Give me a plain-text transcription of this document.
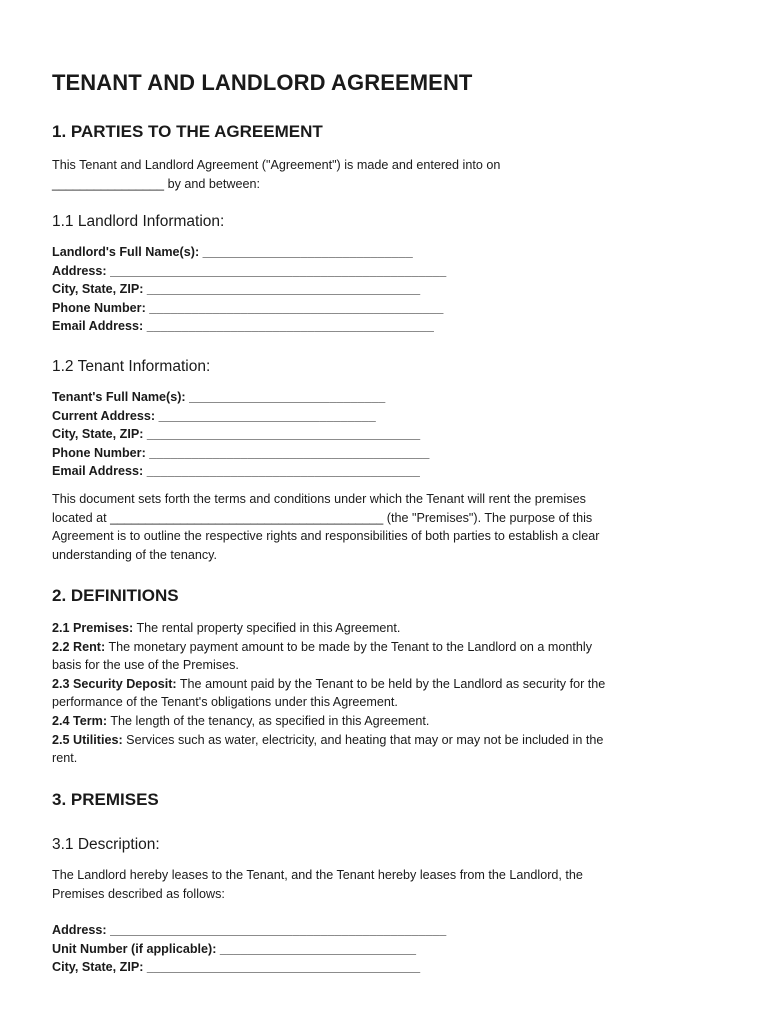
TENANT AND LANDLORD AGREEMENT
1. PARTIES TO THE AGREEMENT
This Tenant and Landlord Agreement ("Agreement") is made and entered into on
________________ by and between:
1.1 Landlord Information:
Landlord's Full Name(s): ______________________________
Address: ________________________________________________
City, State, ZIP: _______________________________________
Phone Number: __________________________________________
Email Address: _________________________________________
1.2 Tenant Information:
Tenant's Full Name(s): ____________________________
Current Address: _______________________________
City, State, ZIP: _______________________________________
Phone Number: ________________________________________
Email Address: _______________________________________
This document sets forth the terms and conditions under which the Tenant will rent the premises
located at _______________________________________ (the "Premises"). The purpose of this
Agreement is to outline the respective rights and responsibilities of both parties to establish a clear
understanding of the tenancy.
2. DEFINITIONS
2.1 Premises: The rental property specified in this Agreement.
2.2 Rent: The monetary payment amount to be made by the Tenant to the Landlord on a monthly
basis for the use of the Premises.
2.3 Security Deposit: The amount paid by the Tenant to be held by the Landlord as security for the
performance of the Tenant's obligations under this Agreement.
2.4 Term: The length of the tenancy, as specified in this Agreement.
2.5 Utilities: Services such as water, electricity, and heating that may or may not be included in the
rent.
3. PREMISES
3.1 Description:
The Landlord hereby leases to the Tenant, and the Tenant hereby leases from the Landlord, the
Premises described as follows:
Address: ________________________________________________
Unit Number (if applicable): ____________________________
City, State, ZIP: _______________________________________
